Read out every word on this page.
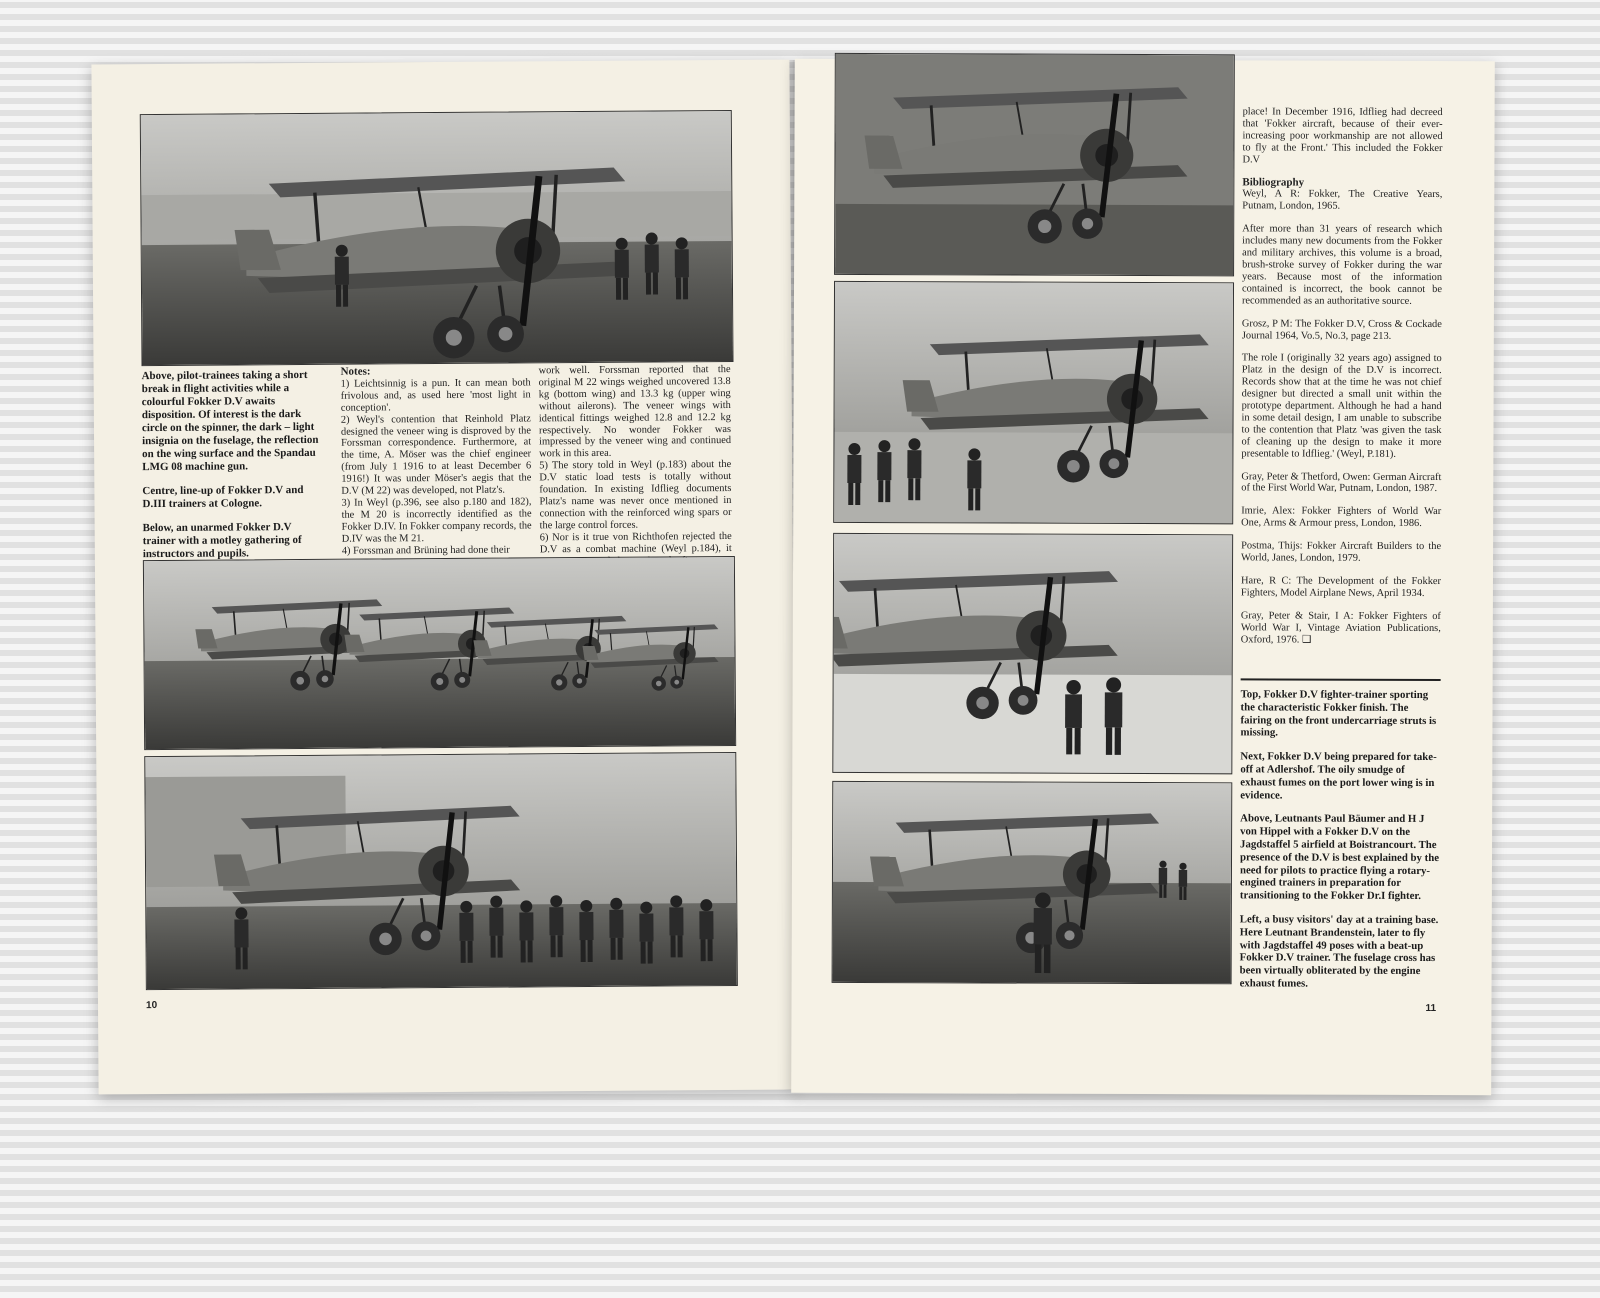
Above, pilot-trainees taking a short break in flight activities while a colourful Fokker D.V awaits disposition. Of interest is the dark circle on the spinner, the dark – light insignia on the fuselage, the reflection on the wing surface and the Spandau LMG 08 machine gun.

Centre, line-up of Fokker D.V and D.III trainers at Cologne.

Below, an unarmed Fokker D.V trainer with a motley gathering of instructors and pupils.

Notes:
1) Leichtsinnig is a pun. It can mean both frivolous and, as used here 'most light in conception'.
2) Weyl's contention that Reinhold Platz designed the veneer wing is disproved by the Forssman correspondence. Furthermore, at the time, A. Möser was the chief engineer (from July 1 1916 to at least December 6 1916!) It was under Möser's aegis that the D.V (M 22) was developed, not Platz's.
3) In Weyl (p.396, see also p.180 and 182), the M 20 is incorrectly identified as the Fokker D.IV. In Fokker company records, the D.IV was the M 21.
4) Forssman and Brüning had done their
work well. Forssman reported that the original M 22 wings weighed uncovered 13.8 kg (bottom wing) and 13.3 kg (upper wing without ailerons). The veneer wings with identical fittings weighed 12.8 and 12.2 kg respectively. No wonder Fokker was impressed by the veneer wing and continued work in this area.
5) The story told in Weyl (p.183) about the D.V static load tests is totally without foundation. In existing Idflieg documents Platz's name was never once mentioned in connection with the reinforced wing spars or the large control forces.
6) Nor is it true von Richthofen rejected the D.V as a combat machine (Weyl p.184), it
10

place! In December 1916, Idflieg had decreed that 'Fokker aircraft, because of their ever-increasing poor workmanship are not allowed to fly at the Front.' This included the Fokker D.V

Bibliography

Weyl, A R: Fokker, The Creative Years, Putnam, London, 1965.

After more than 31 years of research which includes many new documents from the Fokker and military archives, this volume is a broad, brush-stroke survey of Fokker during the war years. Because most of the information contained is incorrect, the book cannot be recommended as an authoritative source.

Grosz, P M: The Fokker D.V, Cross & Cockade Journal 1964, Vo.5, No.3, page 213.

The role I (originally 32 years ago) assigned to Platz in the design of the D.V is incorrect. Records show that at the time he was not chief designer but directed a small unit within the prototype department. Although he had a hand in some detail design, I am unable to subscribe to the contention that Platz 'was given the task of cleaning up the design to make it more presentable to Idflieg.' (Weyl, P.181).

Gray, Peter & Thetford, Owen: German Aircraft of the First World War, Putnam, London, 1987.

Imrie, Alex: Fokker Fighters of World War One, Arms & Armour press, London, 1986.

Postma, Thijs: Fokker Aircraft Builders to the World, Janes, London, 1979.

Hare, R C: The Development of the Fokker Fighters, Model Airplane News, April 1934.

Gray, Peter & Stair, I A: Fokker Fighters of World War I, Vintage Aviation Publications, Oxford, 1976. ❑

Top, Fokker D.V fighter-trainer sporting the characteristic Fokker finish. The fairing on the front undercarriage struts is missing.

Next, Fokker D.V being prepared for take-off at Adlershof. The oily smudge of exhaust fumes on the port lower wing is in evidence.

Above, Leutnants Paul Bäumer and H J von Hippel with a Fokker D.V on the Jagdstaffel 5 airfield at Boistrancourt. The presence of the D.V is best explained by the need for pilots to practice flying a rotary-engined trainers in preparation for transitioning to the Fokker Dr.I fighter.

Left, a busy visitors' day at a training base. Here Leutnant Brandenstein, later to fly with Jagdstaffel 49 poses with a beat-up Fokker D.V trainer. The fuselage cross has been virtually obliterated by the engine exhaust fumes.

11
